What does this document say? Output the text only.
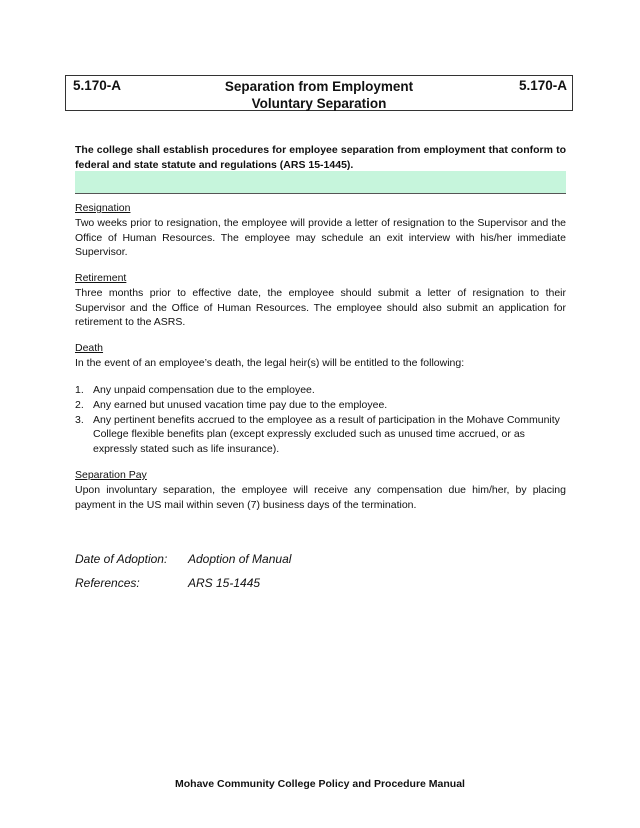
5.170-A	Separation from Employment
Voluntary Separation
5.170-A
The college shall establish procedures for employee separation from employment that conform to federal and state statute and regulations (ARS 15-1445).
Resignation
Two weeks prior to resignation, the employee will provide a letter of resignation to the Supervisor and the Office of Human Resources. The employee may schedule an exit interview with his/her immediate Supervisor.
Retirement
Three months prior to effective date, the employee should submit a letter of resignation to their Supervisor and the Office of Human Resources. The employee should also submit an application for retirement to the ASRS.
Death
In the event of an employee’s death, the legal heir(s) will be entitled to the following:
1. Any unpaid compensation due to the employee.
2. Any earned but unused vacation time pay due to the employee.
3. Any pertinent benefits accrued to the employee as a result of participation in the Mohave Community College flexible benefits plan (except expressly excluded such as unused time accrued, or as expressly stated such as life insurance).
Separation Pay
Upon involuntary separation, the employee will receive any compensation due him/her, by placing payment in the US mail within seven (7) business days of the termination.
Date of Adoption: Adoption of Manual
References:	ARS 15-1445
Mohave Community College Policy and Procedure Manual
